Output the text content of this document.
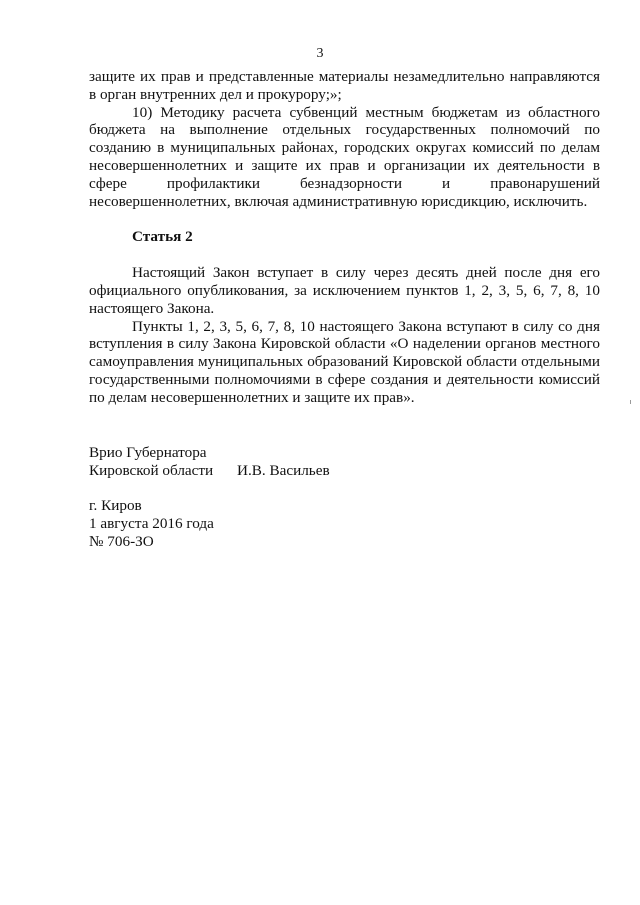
3

защите их прав и представленные материалы незамедлительно направляются в орган внутренних дел и прокурору;»;

10) Методику расчета субвенций местным бюджетам из областного бюджета на выполнение отдельных государственных полномочий по созданию в муниципальных районах, городских округах комиссий по делам несовершеннолетних и защите их прав и организации их деятельности в сфере профилактики безнадзорности и правонарушений несовершеннолетних, включая административную юрисдикцию, исключить.

Статья 2

Настоящий Закон вступает в силу через десять дней после дня его официального опубликования, за исключением пунктов 1, 2, 3, 5, 6, 7, 8, 10 настоящего Закона.

Пункты 1, 2, 3, 5, 6, 7, 8, 10 настоящего Закона вступают в силу со дня вступления в силу Закона Кировской области «О наделении органов местного самоуправления муниципальных образований Кировской области отдельными государственными полномочиями в сфере создания и деятельности комиссий по делам несовершеннолетних и защите их прав».

Врио Губернатора
Кировской области	И.В. Васильев
г. Киров
1 августа 2016 года
№ 706-ЗО
